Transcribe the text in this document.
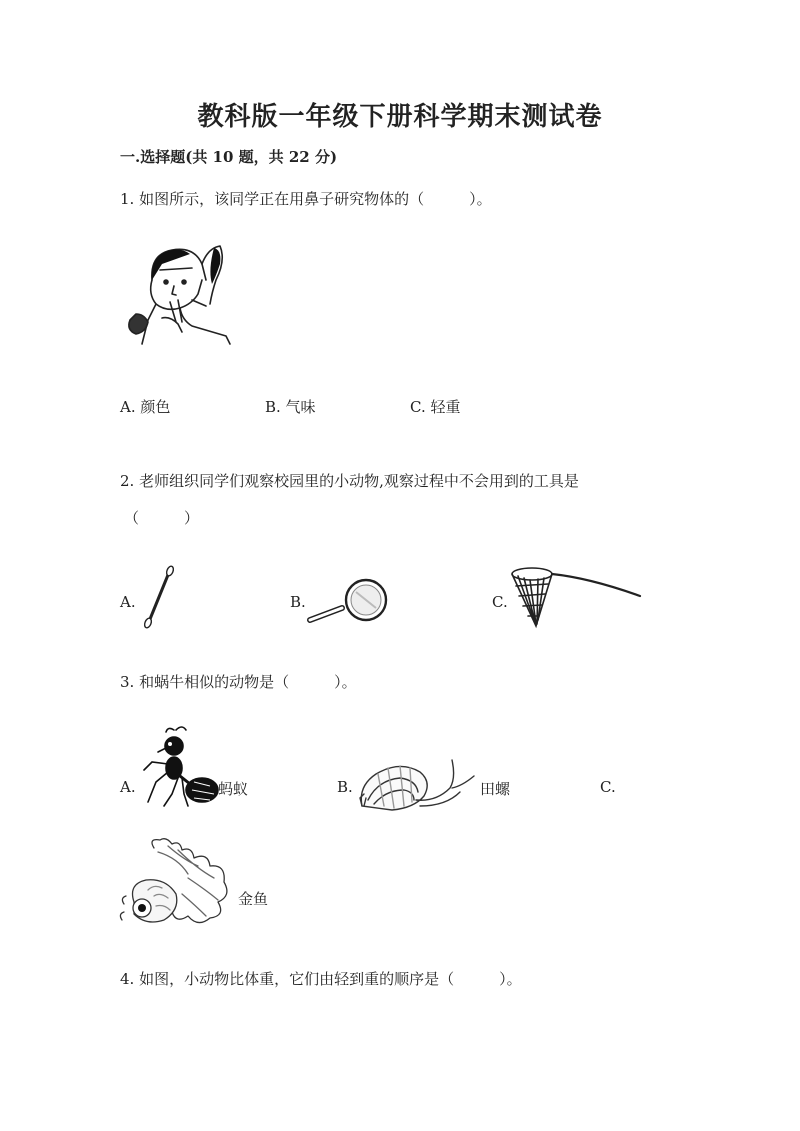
教科版一年级下册科学期末测试卷
一.选择题(共 10 题，共 22 分)
1. 如图所示，该同学正在用鼻子研究物体的（　　　）。
A. 颜色	B. 气味	C. 轻重
2. 老师组织同学们观察校园里的小动物,观察过程中不会用到的工具是
（　　　）
A.	B.	C.
3. 和蜗牛相似的动物是（　　　）。
A.	蚂蚁	B.	田螺	C.
金鱼
4. 如图，小动物比体重，它们由轻到重的顺序是（　　　）。
